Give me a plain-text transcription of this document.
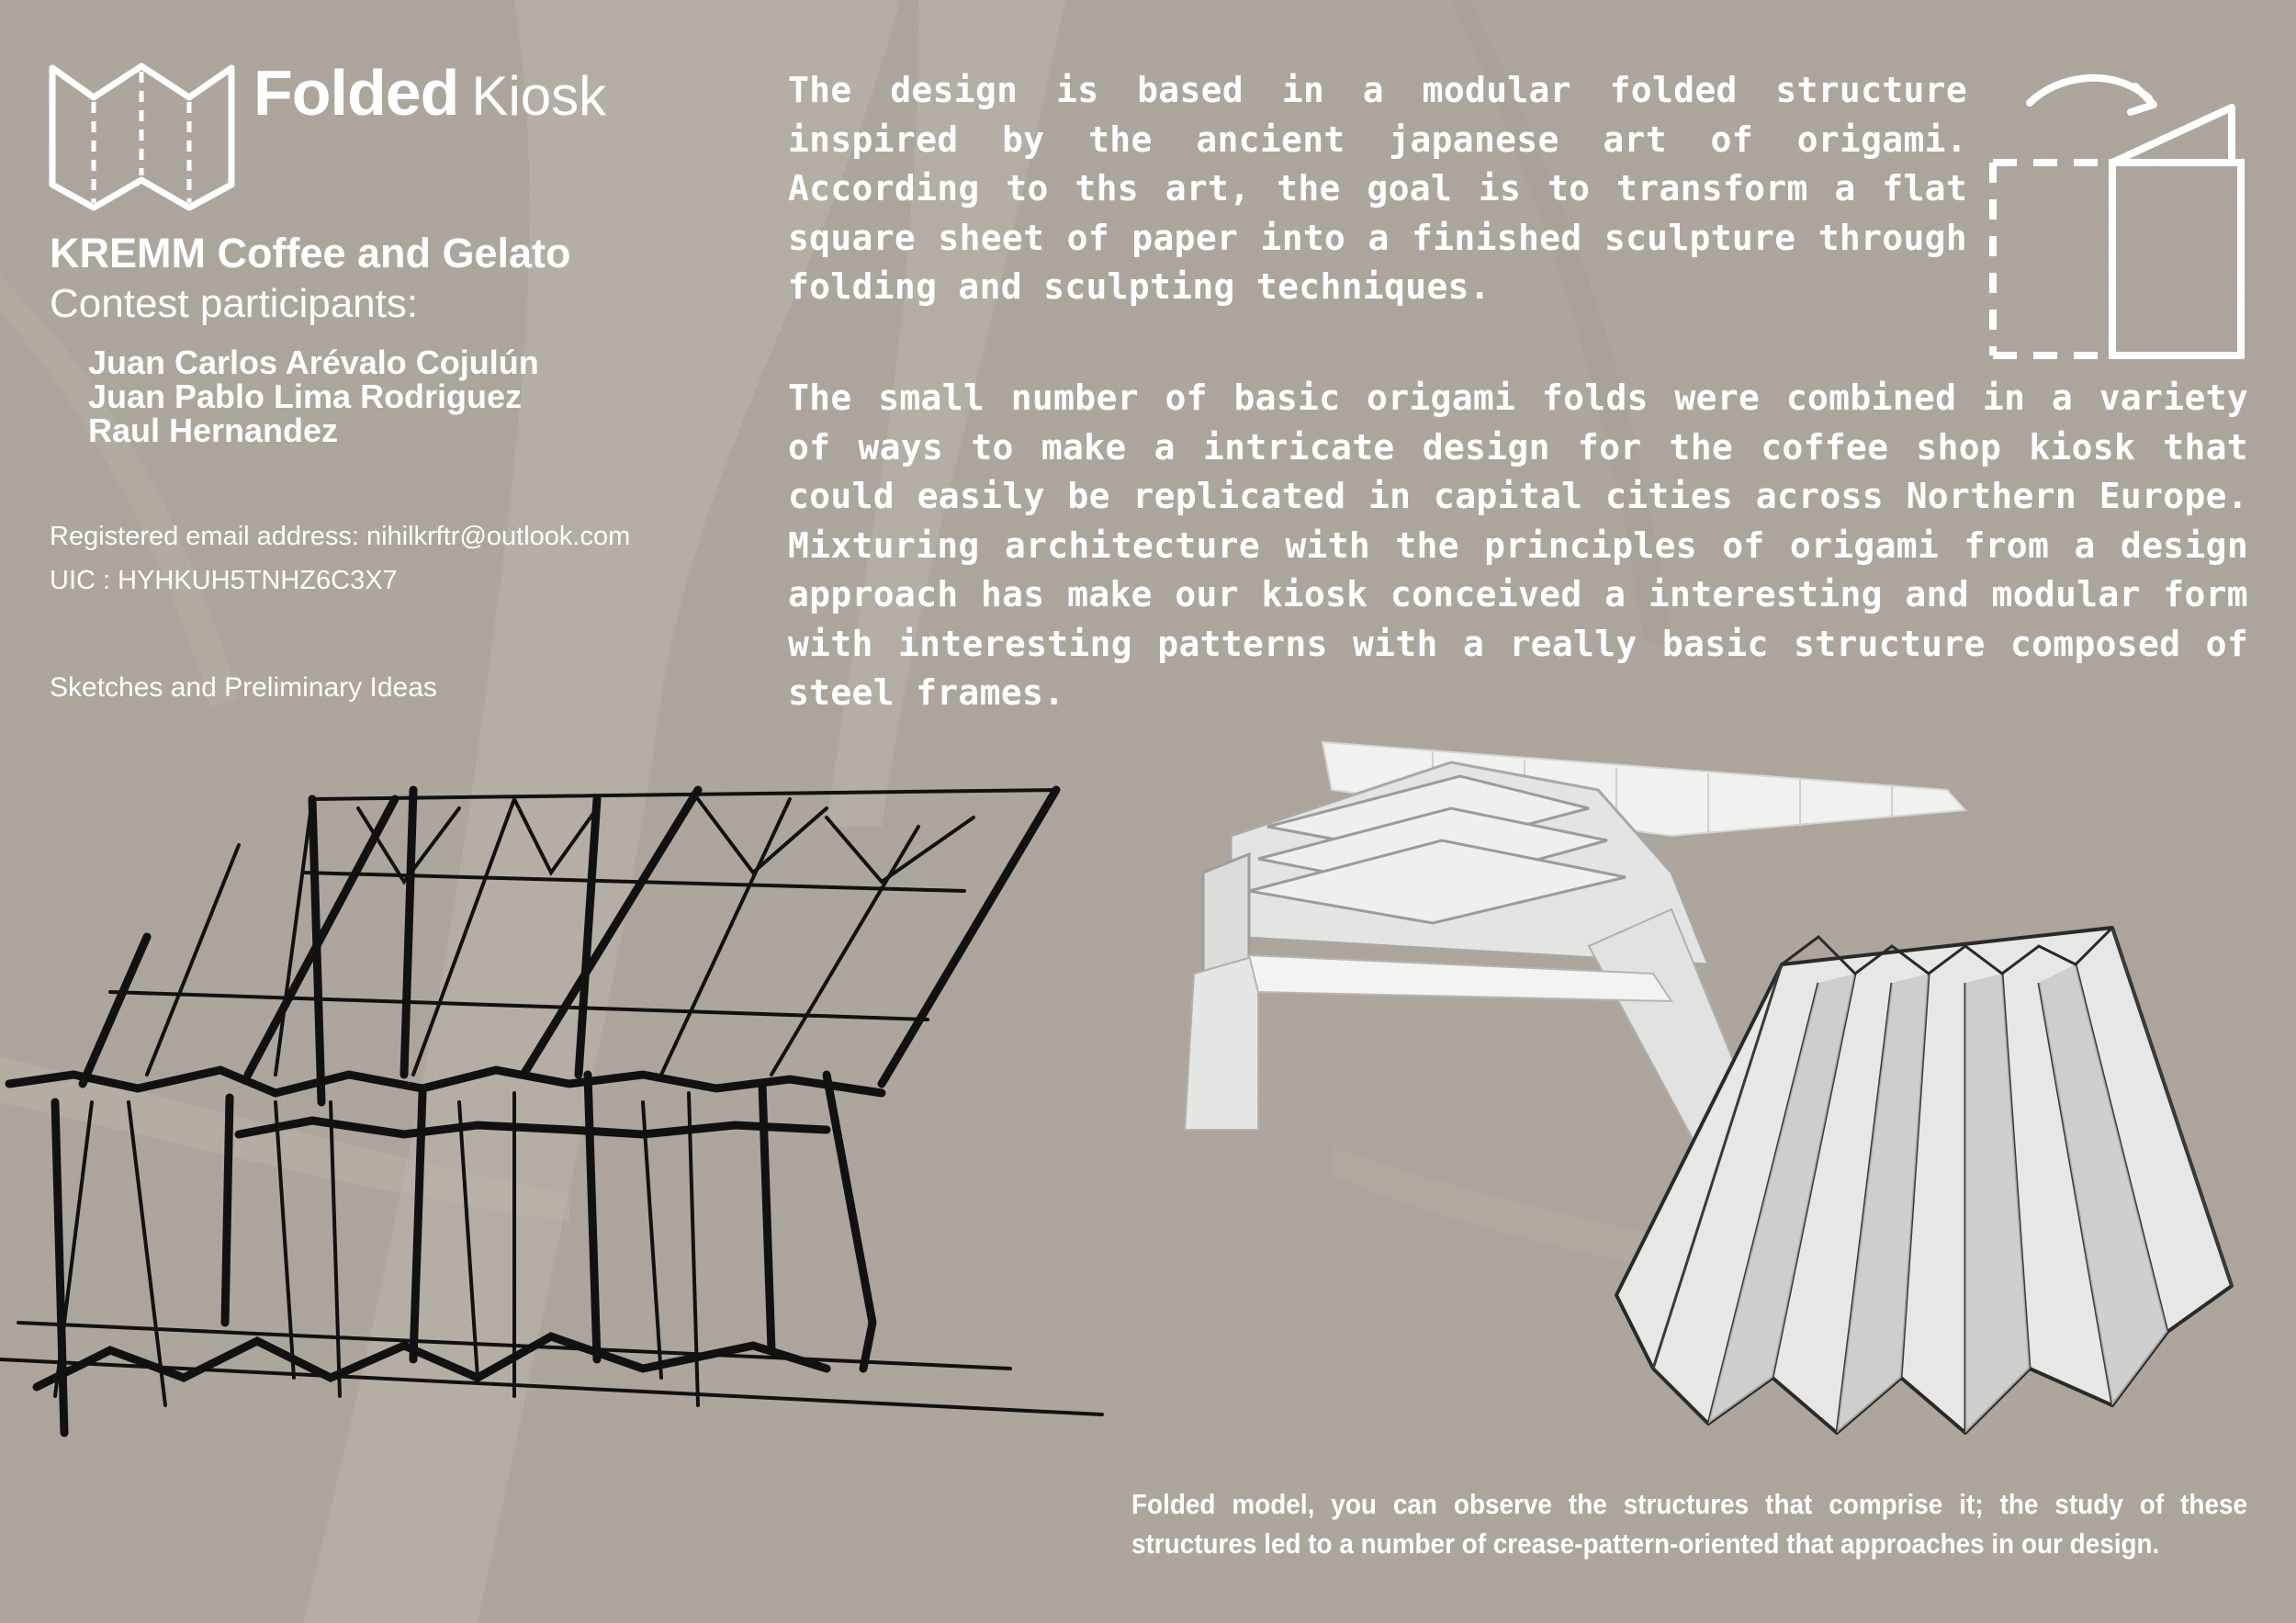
Folded Kiosk
KREMM Coffee and Gelato
Contest participants:
Juan Carlos Arévalo Cojulún
Juan Pablo Lima Rodriguez
Raul Hernandez
Registered email address: nihilkrftr@outlook.com
UIC : HYHKUH5TNHZ6C3X7
Sketches and Preliminary Ideas
The design is based in a modular folded structure inspired by the ancient japanese art of origami. According to ths art, the goal is to transform a flat square sheet of paper into a finished sculpture through folding and sculpting techniques.
The small number of basic origami folds were combined in a variety of ways to make a intricate design for the coffee shop kiosk that could easily be replicated in capital cities across Northern Europe. Mixturing architecture with the principles of origami from a design approach has make our kiosk conceived a interesting and modular form with interesting patterns with a really basic structure composed of steel frames.
Folded model, you can observe the structures that comprise it; the study of these structures led to a number of crease-pattern-oriented that approaches in our design.
